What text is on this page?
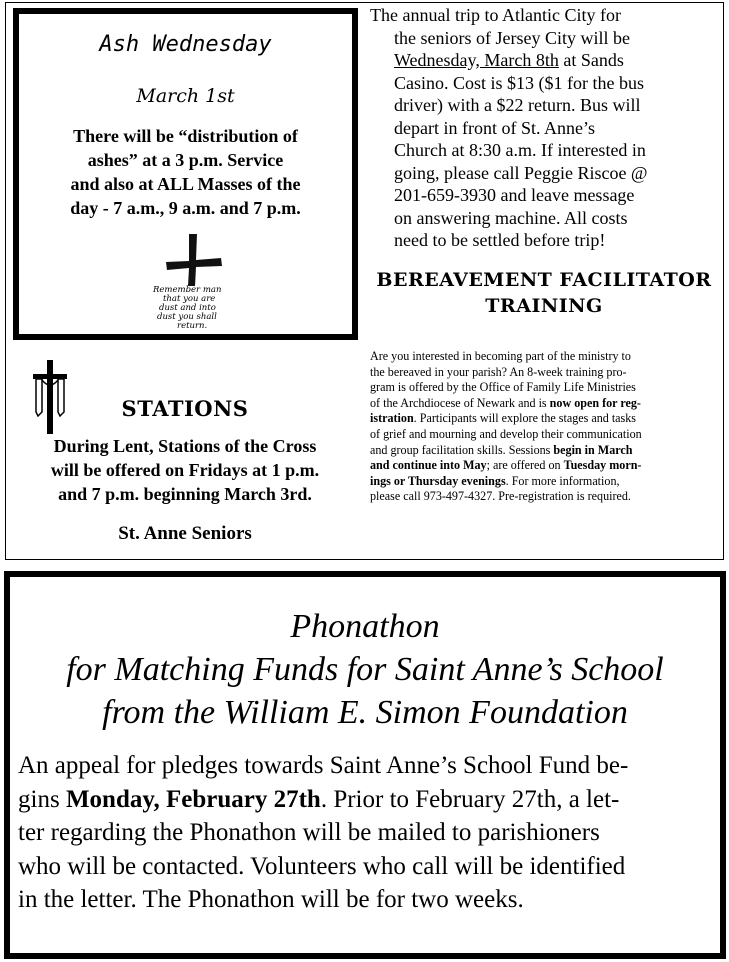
Ash Wednesday
March 1st
There will be “distribution of
ashes” at a 3 p.m. Service
and also at ALL Masses of the
day - 7 a.m., 9 a.m. and 7 p.m.
Remember man
that you are
dust and into
dust you shall
return.
STATIONS
During Lent, Stations of the Cross
will be offered on Fridays at 1 p.m.
and 7 p.m. beginning March 3rd.
St. Anne Seniors
The annual trip to Atlantic City for
the seniors of Jersey City will be
Wednesday, March 8th at Sands
Casino. Cost is $13 ($1 for the bus
driver) with a $22 return. Bus will
depart in front of St. Anne’s
Church at 8:30 a.m. If interested in
going, please call Peggie Riscoe @
201-659-3930 and leave message
on answering machine. All costs
need to be settled before trip!
BEREAVEMENT FACILITATOR
TRAINING
Are you interested in becoming part of the ministry to
the bereaved in your parish? An 8-week training pro-
gram is offered by the Office of Family Life Ministries
of the Archdiocese of Newark and is now open for reg-
istration. Participants will explore the stages and tasks
of grief and mourning and develop their communication
and group facilitation skills. Sessions begin in March
and continue into May; are offered on Tuesday morn-
ings or Thursday evenings. For more information,
please call 973-497-4327. Pre-registration is required.
Phonathon
for Matching Funds for Saint Anne’s School
from the William E. Simon Foundation
An appeal for pledges towards Saint Anne’s School Fund be-
gins Monday, February 27th. Prior to February 27th, a let-
ter regarding the Phonathon will be mailed to parishioners
who will be contacted. Volunteers who call will be identified
in the letter. The Phonathon will be for two weeks.
